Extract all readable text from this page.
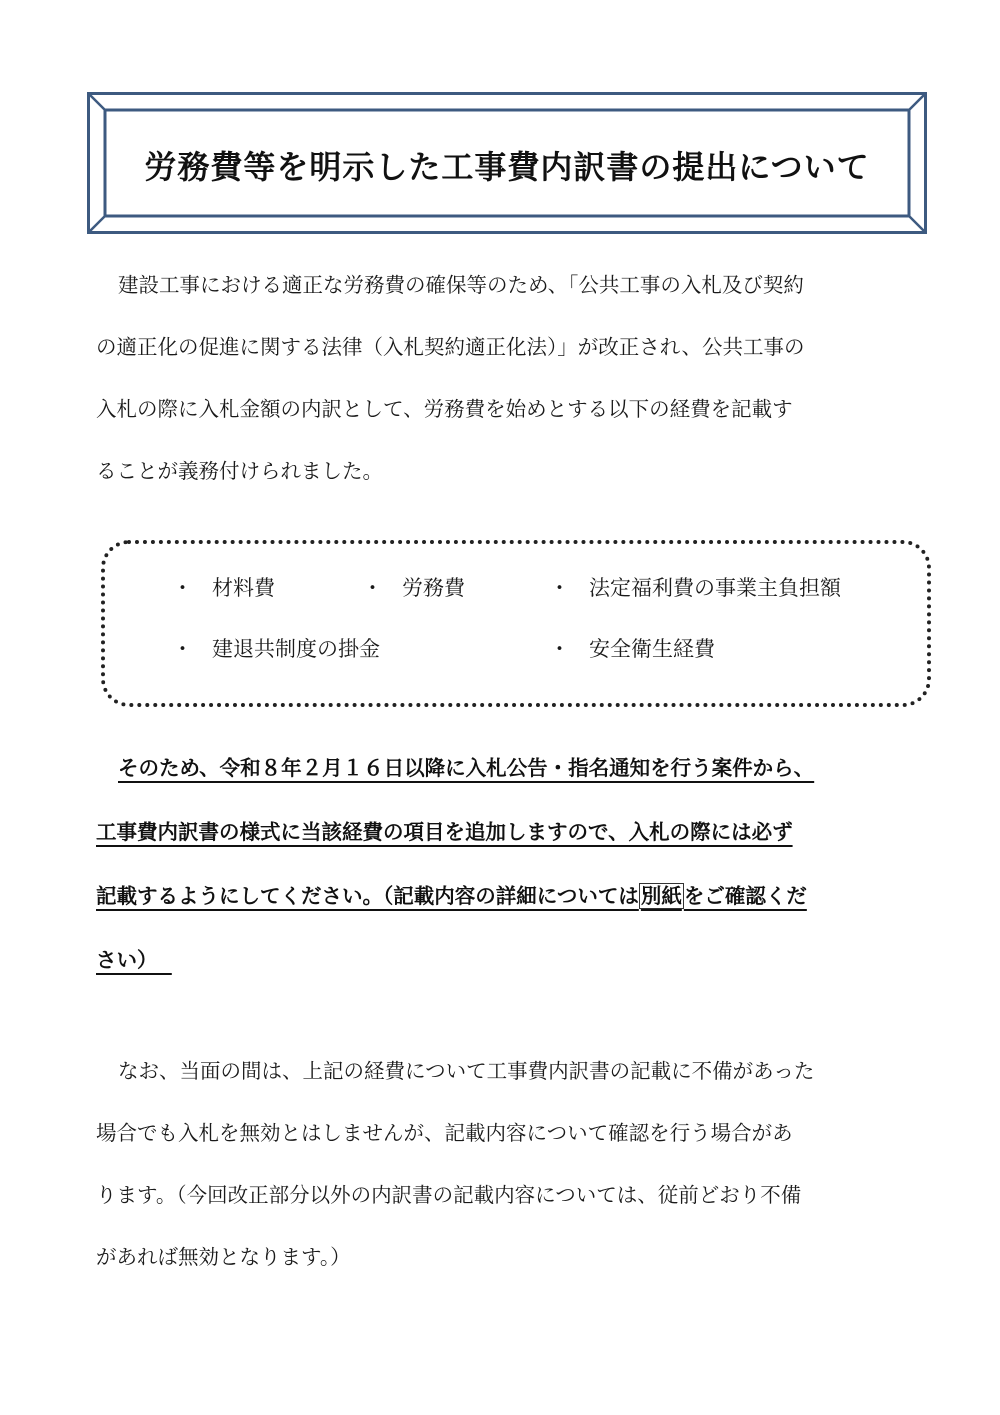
労務費等を明示した工事費内訳書の提出について
建設工事における適正な労務費の確保等のため、「公共工事の入札及び契約
の適正化の促進に関する法律（入札契約適正化法）」が改正され、公共工事の
入札の際に入札金額の内訳として、労務費を始めとする以下の経費を記載す
ることが義務付けられました。
・ 材料費	・ 労務費	・ 法定福利費の事業主負担額
・ 建退共制度の掛金	・ 安全衛生経費
そのため、令和８年２月１６日以降に入札公告・指名通知を行う案件から、
工事費内訳書の様式に当該経費の項目を追加しますので、入札の際には必ず
記載するようにしてください。（記載内容の詳細については別紙をご確認くだ
さい）
なお、当面の間は、上記の経費について工事費内訳書の記載に不備があった
場合でも入札を無効とはしませんが、記載内容について確認を行う場合があ
ります。（今回改正部分以外の内訳書の記載内容については、従前どおり不備
があれば無効となります。）
